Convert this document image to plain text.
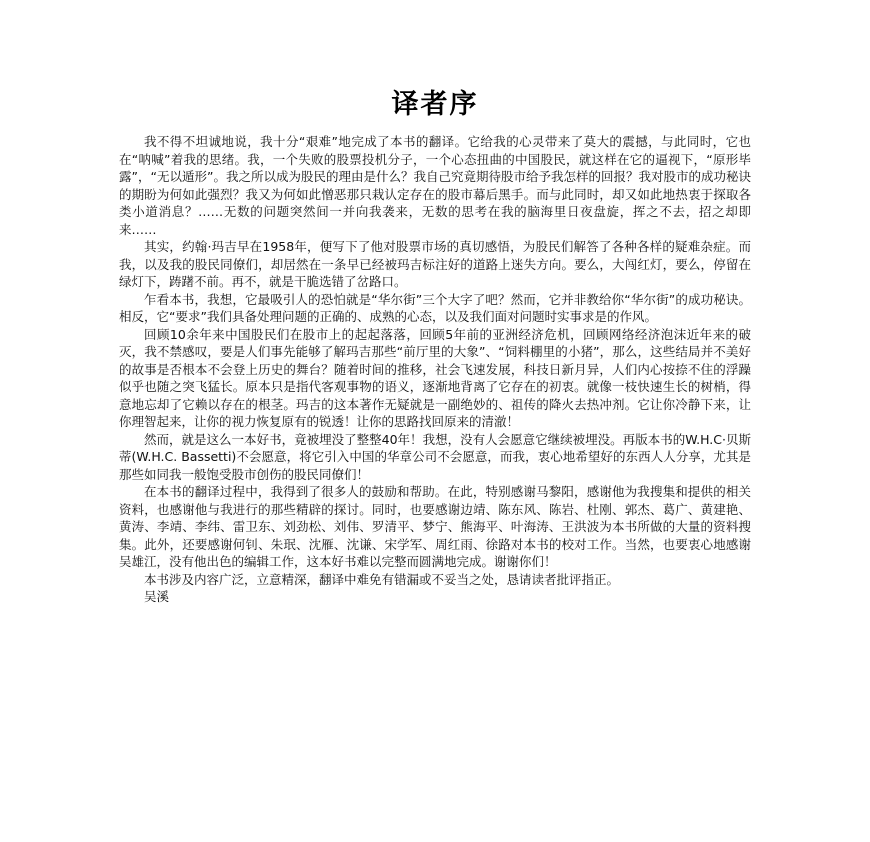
译者序

我不得不坦诚地说，我十分“艰难”地完成了本书的翻译。它给我的心灵带来了莫大的震撼，与此同时，它也在“呐喊”着我的思绪。我，一个失败的股票投机分子，一个心态扭曲的中国股民，就这样在它的逼视下，“原形毕露”，“无以遁形”。我之所以成为股民的理由是什么？我自己究竟期待股市给予我怎样的回报？我对股市的成功秘诀的期盼为何如此强烈？我又为何如此憎恶那只栽认定存在的股市幕后黑手。而与此同时，却又如此地热衷于探取各类小道消息？……无数的问题突然间一并向我袭来，无数的思考在我的脑海里日夜盘旋，挥之不去，招之却即来……

其实，约翰·玛吉早在1958年，便写下了他对股票市场的真切感悟，为股民们解答了各种各样的疑难杂症。而我，以及我的股民同僚们，却居然在一条早已经被玛吉标注好的道路上迷失方向。要么，大闯红灯，要么，停留在绿灯下，踌躇不前。再不，就是干脆选错了岔路口。

乍看本书，我想，它最吸引人的恐怕就是“华尔街”三个大字了吧？然而，它并非教给你“华尔街”的成功秘诀。相反，它“要求”我们具备处理问题的正确的、成熟的心态，以及我们面对问题时实事求是的作风。

回顾10余年来中国股民们在股市上的起起落落，回顾5年前的亚洲经济危机，回顾网络经济泡沫近年来的破灭，我不禁感叹，要是人们事先能够了解玛吉那些“前厅里的大象”、“饲料棚里的小猪”，那么，这些结局并不美好的故事是否根本不会登上历史的舞台？随着时间的推移，社会飞速发展，科技日新月异，人们内心按捺不住的浮躁似乎也随之突飞猛长。原本只是指代客观事物的语义，逐渐地背离了它存在的初衷。就像一枝快速生长的树梢，得意地忘却了它赖以存在的根茎。玛吉的这本著作无疑就是一副绝妙的、祖传的降火去热冲剂。它让你冷静下来，让你理智起来，让你的视力恢复原有的锐透！让你的思路找回原来的清澈！

然而，就是这么一本好书，竟被埋没了整整40年！我想，没有人会愿意它继续被埋没。再版本书的W.H.C·贝斯蒂(W.H.C. Bassetti)不会愿意，将它引入中国的华章公司不会愿意，而我，衷心地希望好的东西人人分享，尤其是那些如同我一般饱受股市创伤的股民同僚们！

在本书的翻译过程中，我得到了很多人的鼓励和帮助。在此，特别感谢马黎阳，感谢他为我搜集和提供的相关资料，也感谢他与我进行的那些精辟的探讨。同时，也要感谢边靖、陈东风、陈岩、杜刚、郭杰、葛广、黄建艳、黄涛、李靖、李纬、雷卫东、刘劲松、刘伟、罗清平、梦宁、熊海平、叶海涛、王洪波为本书所做的大量的资料搜集。此外，还要感谢何钊、朱珉、沈雁、沈谦、宋学军、周红雨、徐路对本书的校对工作。当然，也要衷心地感谢吴雄江，没有他出色的编辑工作，这本好书难以完整而圆满地完成。谢谢你们！

本书涉及内容广泛，立意精深，翻译中难免有错漏或不妥当之处，恳请读者批评指正。

吴溪
